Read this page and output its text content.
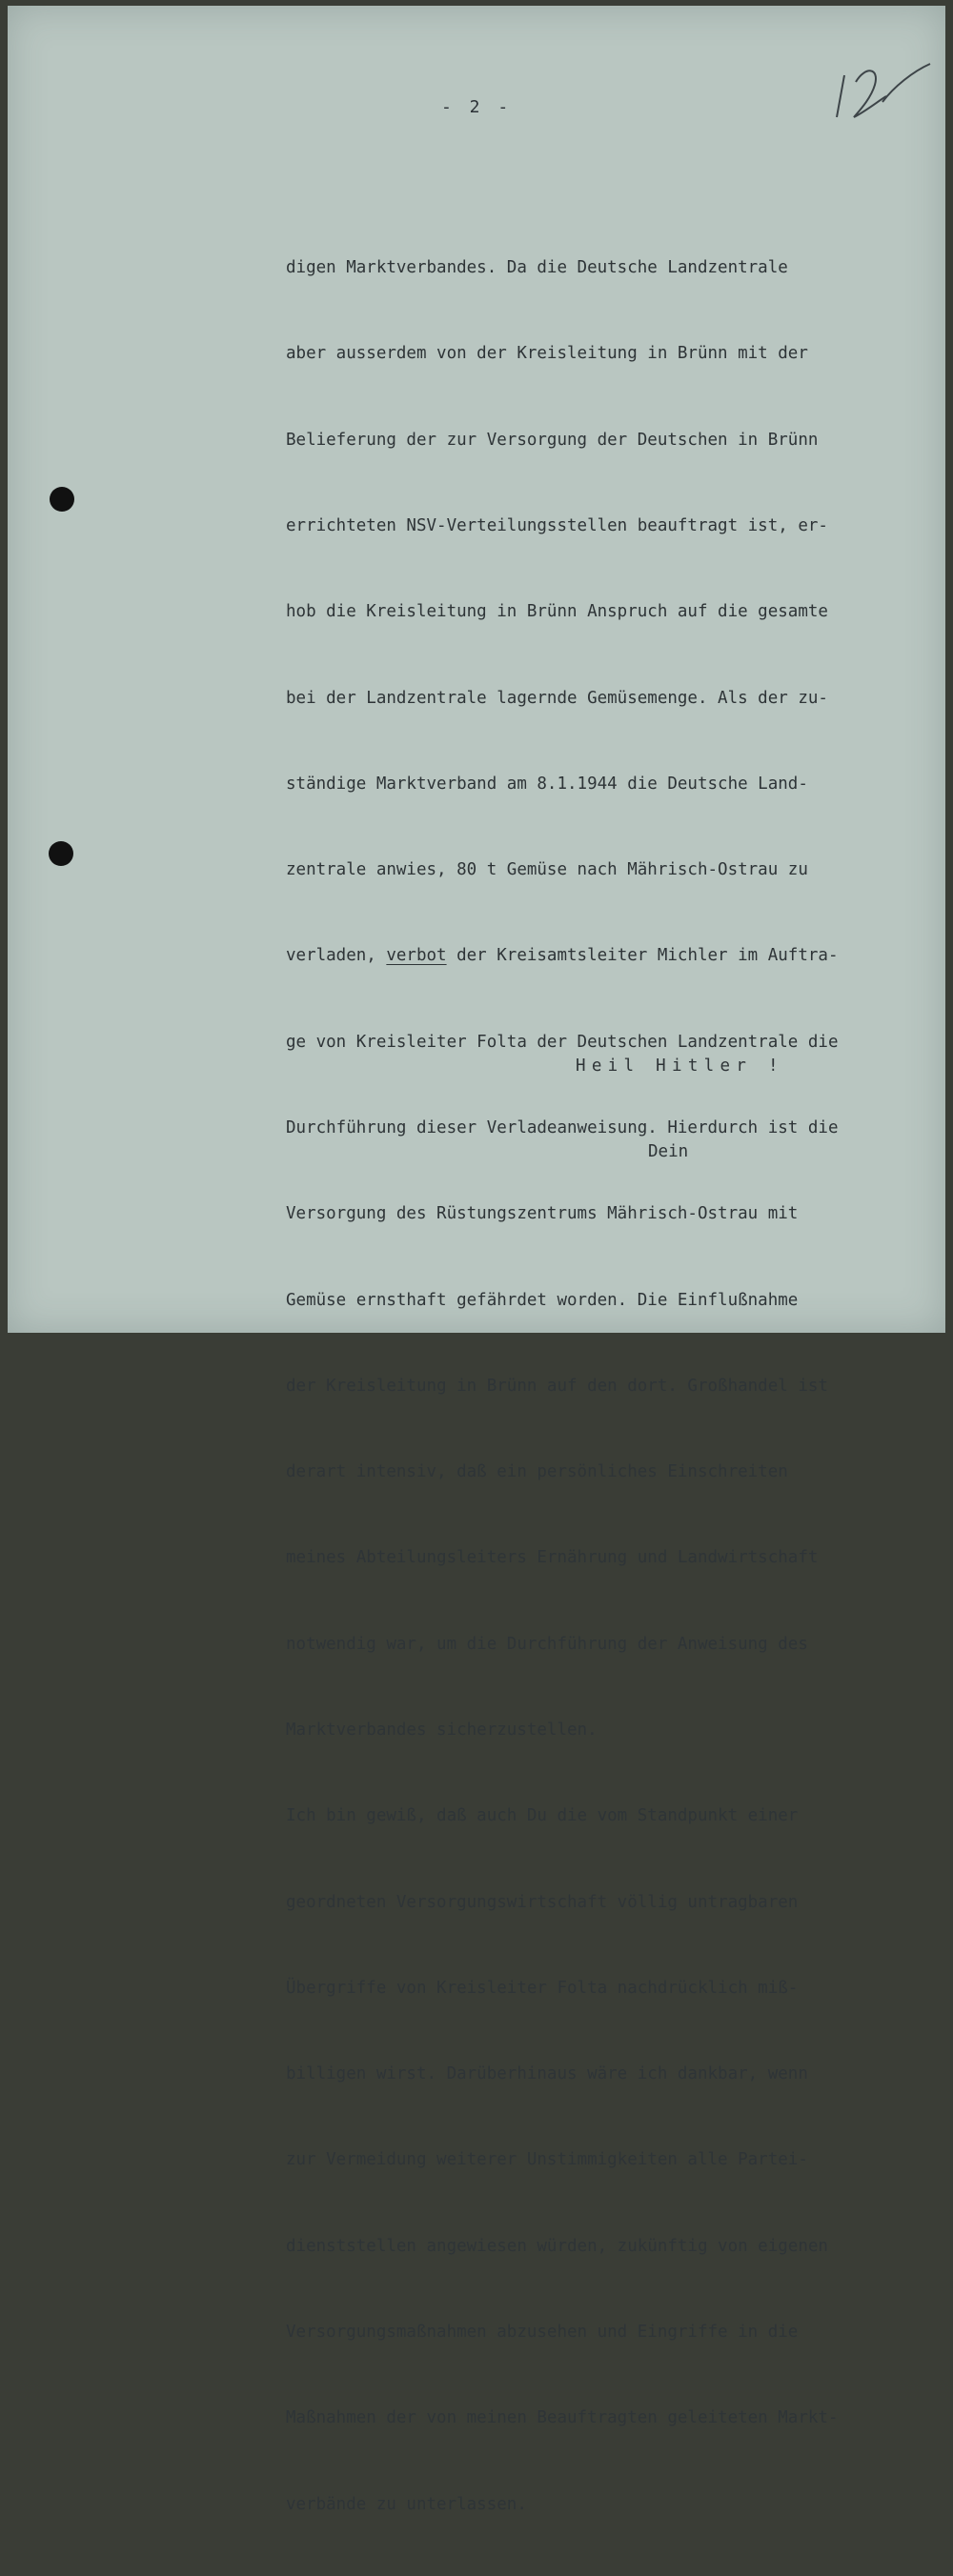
- 2 -

digen Marktverbandes. Da die Deutsche Landzentrale

aber ausserdem von der Kreisleitung in Brünn mit der

Belieferung der zur Versorgung der Deutschen in Brünn

errichteten NSV-Verteilungsstellen beauftragt ist, er-

hob die Kreisleitung in Brünn Anspruch auf die gesamte

bei der Landzentrale lagernde Gemüsemenge. Als der zu-

ständige Marktverband am 8.1.1944 die Deutsche Land-

zentrale anwies, 80 t Gemüse nach Mährisch-Ostrau zu

verladen, verbot der Kreisamtsleiter Michler im Auftra-

ge von Kreisleiter Folta der Deutschen Landzentrale die

Durchführung dieser Verladeanweisung. Hierdurch ist die

Versorgung des Rüstungszentrums Mährisch-Ostrau mit

Gemüse ernsthaft gefährdet worden. Die Einflußnahme

der Kreisleitung in Brünn auf den dort. Großhandel ist

derart intensiv, daß ein persönliches Einschreiten

meines Abteilungsleiters Ernährung und Landwirtschaft

notwendig war, um die Durchführung der Anweisung des

Marktverbandes sicherzustellen.

Ich bin gewiß, daß auch Du die vom Standpunkt einer

geordneten Versorgungswirtschaft völlig untragbaren

Übergriffe von Kreisleiter Folta nachdrücklich miß-

billigen wirst. Darüberhinaus wäre ich dankbar, wenn

zur Vermeidung weiterer Unstimmigkeiten alle Partei-

dienststellen angewiesen würden, zukünftig von eigenen

Versorgungsmaßnahmen abzusehen und Eingriffe in die

Maßnahmen der von meinen Beauftragten geleiteten Markt-

verbände zu unterlassen.

Heil Hitler !

Dein
